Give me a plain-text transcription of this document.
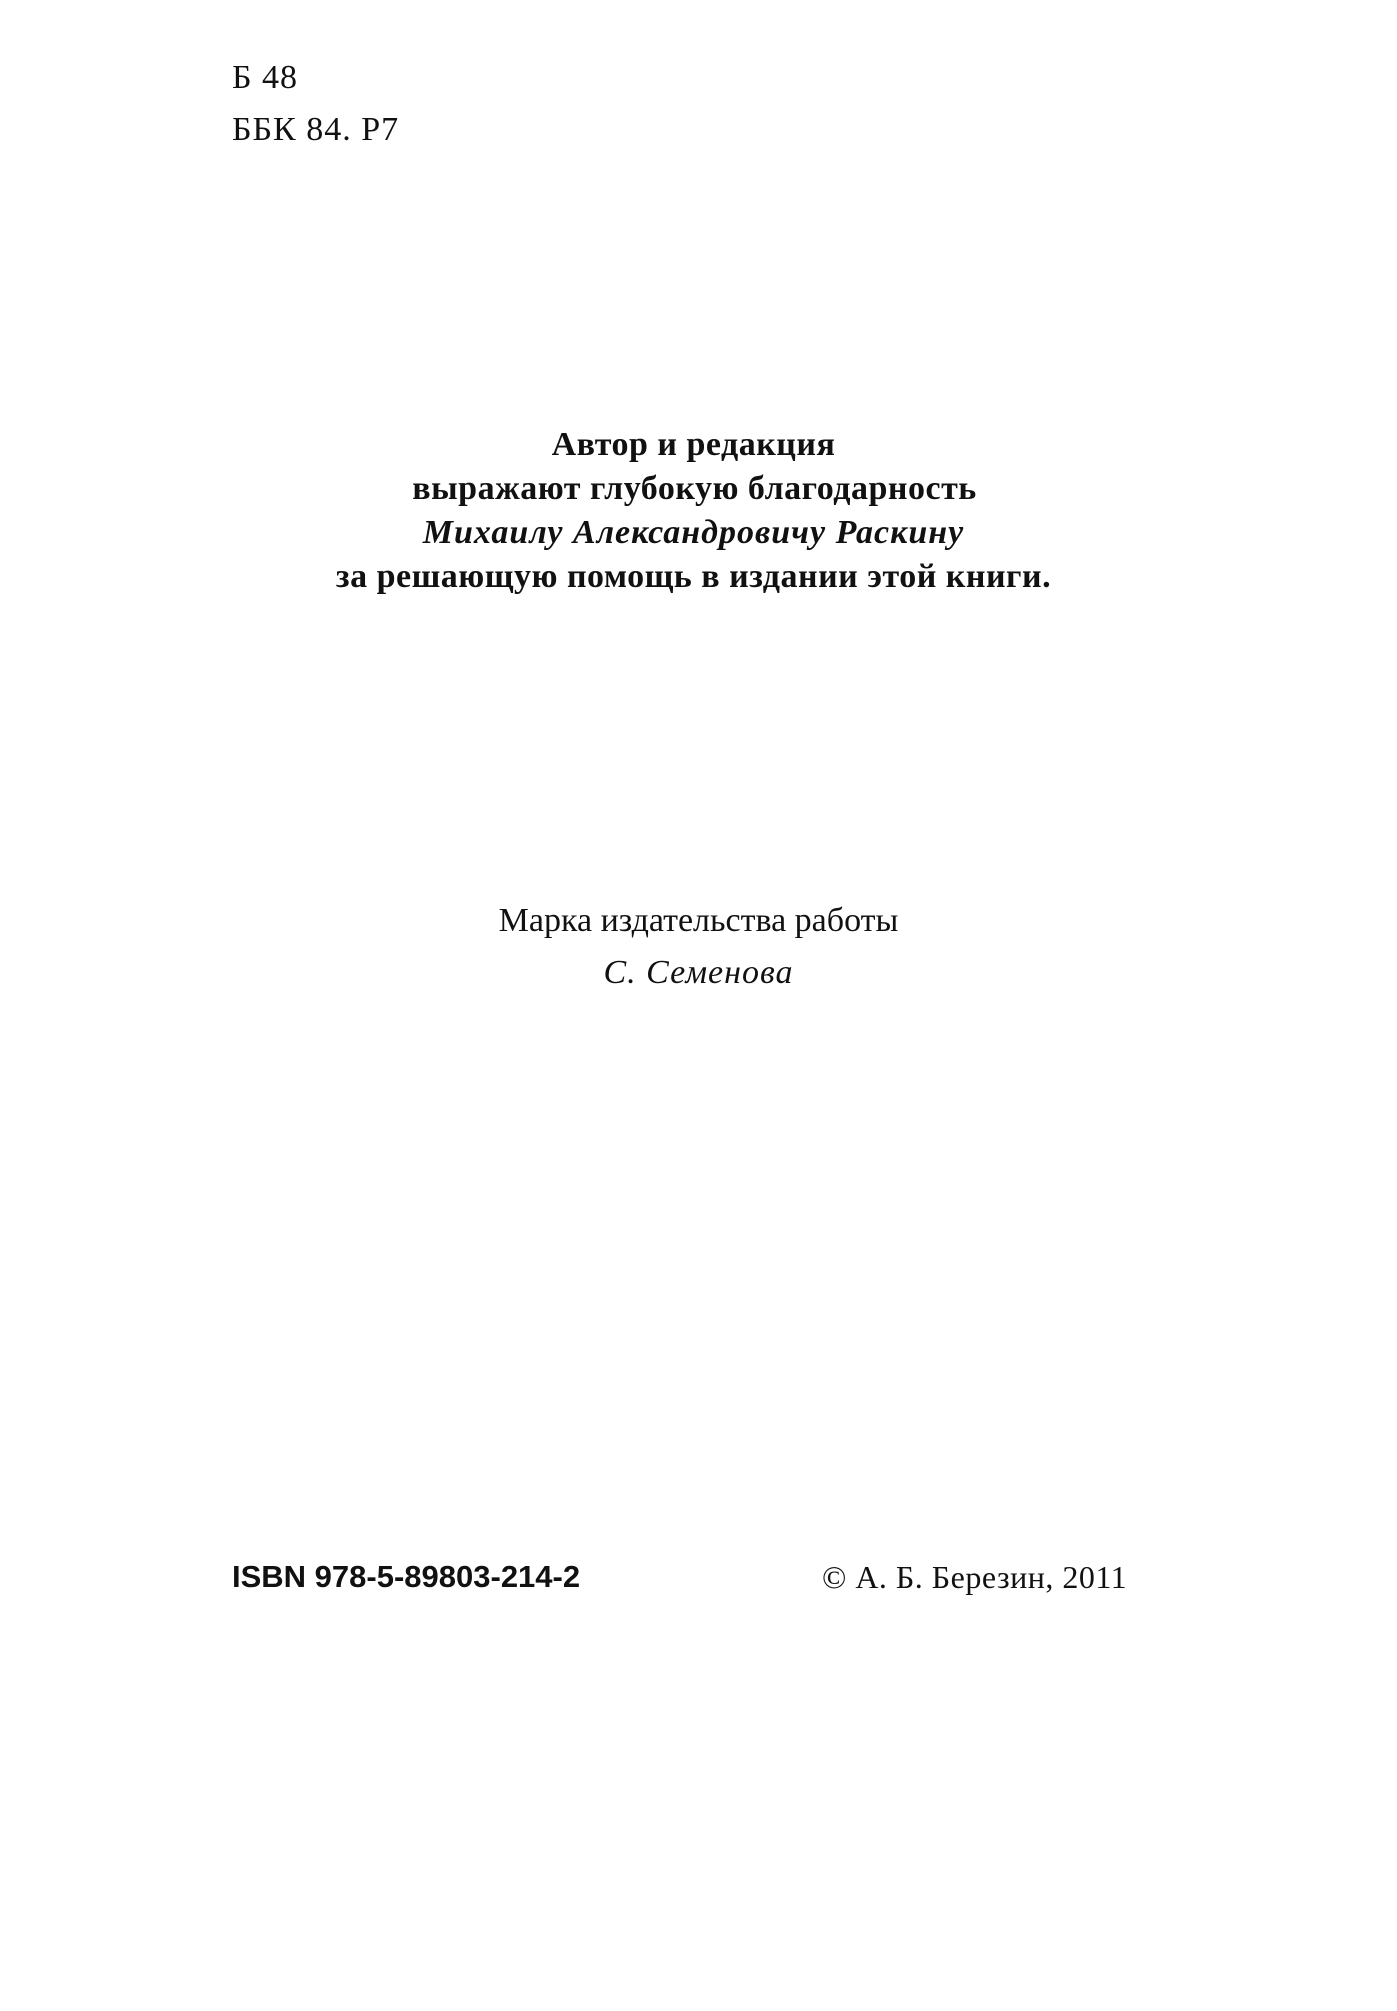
Б 48
ББК 84. Р7
Автор и редакция
выражают глубокую благодарность
Михаилу Александровичу Раскину
за решающую помощь в издании этой книги.
Марка издательства работы
С. Семенова
ISBN 978-5-89803-214-2	© А. Б. Березин, 2011
